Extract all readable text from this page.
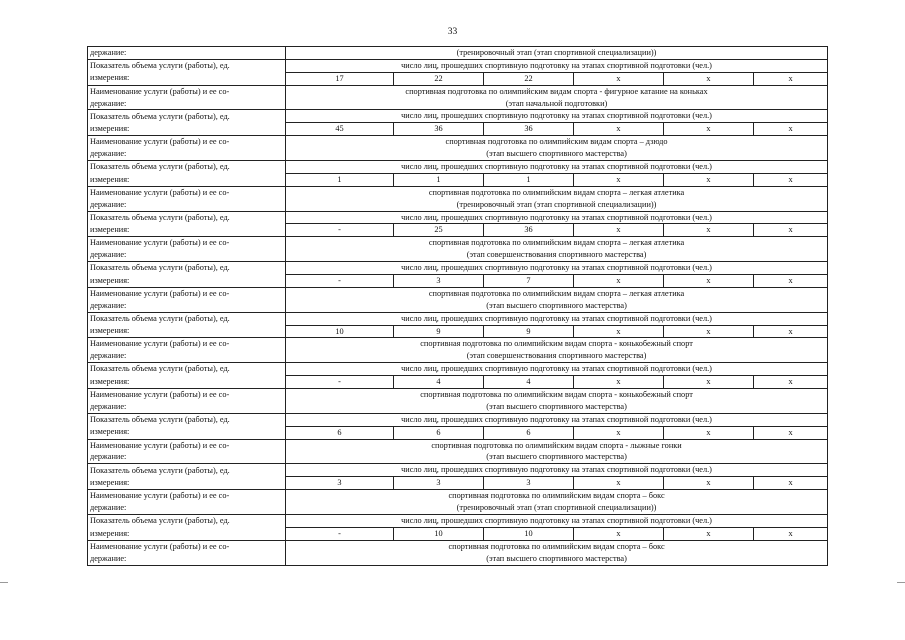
33
держание:	(тренировочный этап (этап спортивной специализации))					
Показатель объема услуги (работы), ед.	число лиц, прошедших спортивную подготовку на этапах спортивной подготовки (чел.)					
измерения:	17	22	22	x	x	x
Наименование услуги (работы) и ее со-	спортивная подготовка по олимпийским видам спорта - фигурное катание на коньках					
держание:	(этап начальной подготовки)					
Показатель объема услуги (работы), ед.	число лиц, прошедших спортивную подготовку на этапах спортивной подготовки (чел.)					
измерения:	45	36	36	x	x	x
Наименование услуги (работы) и ее со-	спортивная подготовка по олимпийским видам спорта – дзюдо					
держание:	(этап высшего спортивного мастерства)					
Показатель объема услуги (работы), ед.	число лиц, прошедших спортивную подготовку на этапах спортивной подготовки (чел.)					
измерения:	1	1	1	x	x	x
Наименование услуги (работы) и ее со-	спортивная подготовка по олимпийским видам спорта – легкая атлетика					
держание:	(тренировочный этап (этап спортивной специализации))					
Показатель объема услуги (работы), ед.	число лиц, прошедших спортивную подготовку на этапах спортивной подготовки (чел.)					
измерения:	-	25	36	x	x	x
Наименование услуги (работы) и ее со-	спортивная подготовка по олимпийским видам спорта – легкая атлетика					
держание:	(этап совершенствования спортивного мастерства)					
Показатель объема услуги (работы), ед.	число лиц, прошедших спортивную подготовку на этапах спортивной подготовки (чел.)					
измерения:	-	3	7	x	x	x
Наименование услуги (работы) и ее со-	спортивная подготовка по олимпийским видам спорта – легкая атлетика					
держание:	(этап высшего спортивного мастерства)					
Показатель объема услуги (работы), ед.	число лиц, прошедших спортивную подготовку на этапах спортивной подготовки (чел.)					
измерения:	10	9	9	x	x	x
Наименование услуги (работы) и ее со-	спортивная подготовка по олимпийским видам спорта - конькобежный спорт					
держание:	(этап совершенствования спортивного мастерства)					
Показатель объема услуги (работы), ед.	число лиц, прошедших спортивную подготовку на этапах спортивной подготовки (чел.)					
измерения:	-	4	4	x	x	x
Наименование услуги (работы) и ее со-	спортивная подготовка по олимпийским видам спорта - конькобежный спорт					
держание:	(этап высшего спортивного мастерства)					
Показатель объема услуги (работы), ед.	число лиц, прошедших спортивную подготовку на этапах спортивной подготовки (чел.)					
измерения:	6	6	6	x	x	x
Наименование услуги (работы) и ее со-	спортивная подготовка по олимпийским видам спорта - лыжные гонки					
держание:	(этап высшего спортивного мастерства)					
Показатель объема услуги (работы), ед.	число лиц, прошедших спортивную подготовку на этапах спортивной подготовки (чел.)					
измерения:	3	3	3	x	x	x
Наименование услуги (работы) и ее со-	спортивная подготовка по олимпийским видам спорта – бокс					
держание:	(тренировочный этап (этап спортивной специализации))					
Показатель объема услуги (работы), ед.	число лиц, прошедших спортивную подготовку на этапах спортивной подготовки (чел.)					
измерения:	-	10	10	x	x	x
Наименование услуги (работы) и ее со-	спортивная подготовка по олимпийским видам спорта – бокс					
держание:	(этап высшего спортивного мастерства)					
